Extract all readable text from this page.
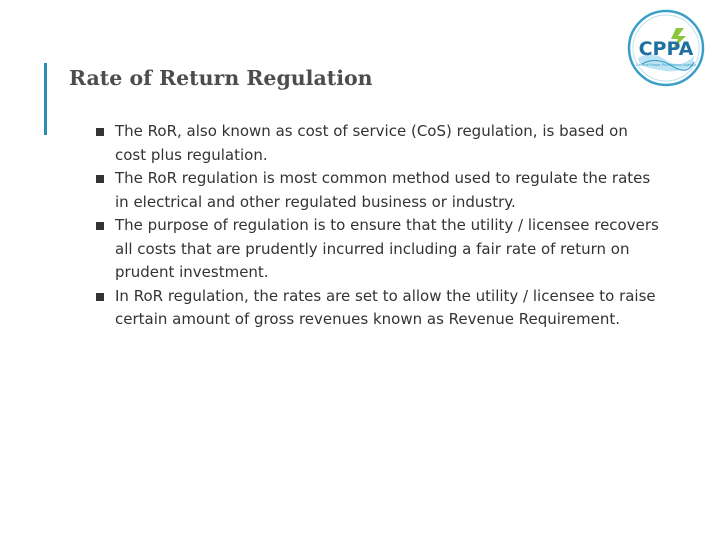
Rate of Return Regulation
CPPA
Central Power Purchasing Agency
The RoR, also known as cost of service (CoS) regulation, is based on cost plus regulation.
The RoR regulation is most common method used to regulate the rates in electrical and other regulated business or industry.
The purpose of regulation is to ensure that the utility / licensee recovers all costs that are prudently incurred including a fair rate of return on prudent investment.
In RoR regulation, the rates are set to allow the utility / licensee to raise certain amount of gross revenues known as Revenue Requirement.
